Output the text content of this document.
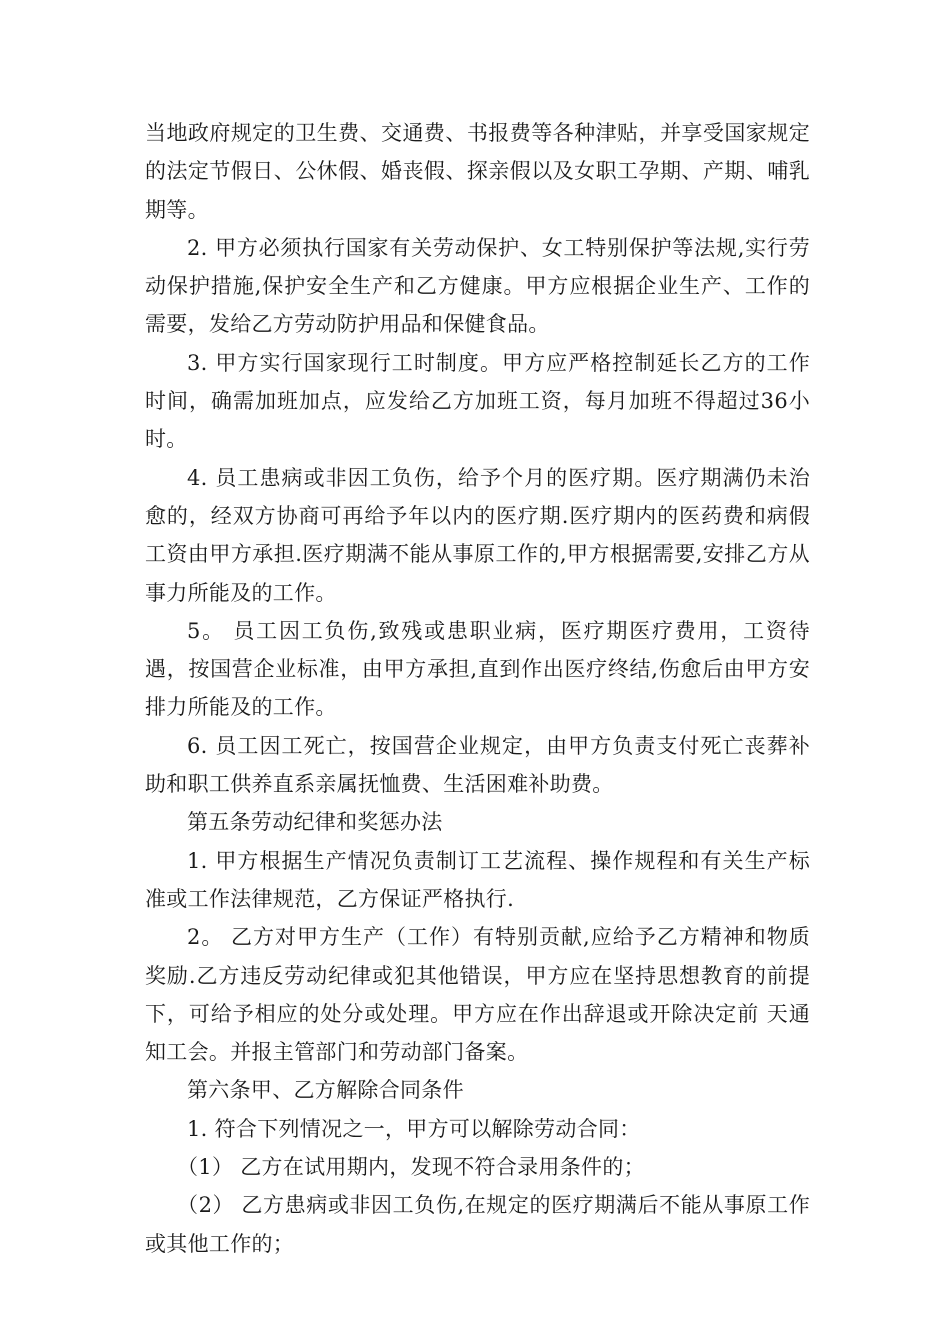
当地政府规定的卫生费、交通费、书报费等各种津贴，并享受国家规定的法定节假日、公休假、婚丧假、探亲假以及女职工孕期、产期、哺乳期等。

2. 甲方必须执行国家有关劳动保护、女工特别保护等法规,实行劳动保护措施,保护安全生产和乙方健康。甲方应根据企业生产、工作的需要，发给乙方劳动防护用品和保健食品。

3. 甲方实行国家现行工时制度。甲方应严格控制延长乙方的工作时间，确需加班加点，应发给乙方加班工资，每月加班不得超过36小时。

4. 员工患病或非因工负伤，给予个月的医疗期。医疗期满仍未治愈的，经双方协商可再给予年以内的医疗期.医疗期内的医药费和病假工资由甲方承担.医疗期满不能从事原工作的,甲方根据需要,安排乙方从事力所能及的工作。

5。 员工因工负伤,致残或患职业病，医疗期医疗费用，工资待遇，按国营企业标准，由甲方承担,直到作出医疗终结,伤愈后由甲方安排力所能及的工作。

6. 员工因工死亡，按国营企业规定，由甲方负责支付死亡丧葬补助和职工供养直系亲属抚恤费、生活困难补助费。

第五条劳动纪律和奖惩办法

1. 甲方根据生产情况负责制订工艺流程、操作规程和有关生产标准或工作法律规范，乙方保证严格执行.

2。 乙方对甲方生产（工作）有特别贡献,应给予乙方精神和物质奖励.乙方违反劳动纪律或犯其他错误，甲方应在坚持思想教育的前提下，可给予相应的处分或处理。甲方应在作出辞退或开除决定前 天通知工会。并报主管部门和劳动部门备案。

第六条甲、乙方解除合同条件

1. 符合下列情况之一，甲方可以解除劳动合同：

（1） 乙方在试用期内，发现不符合录用条件的；

（2） 乙方患病或非因工负伤,在规定的医疗期满后不能从事原工作或其他工作的；
